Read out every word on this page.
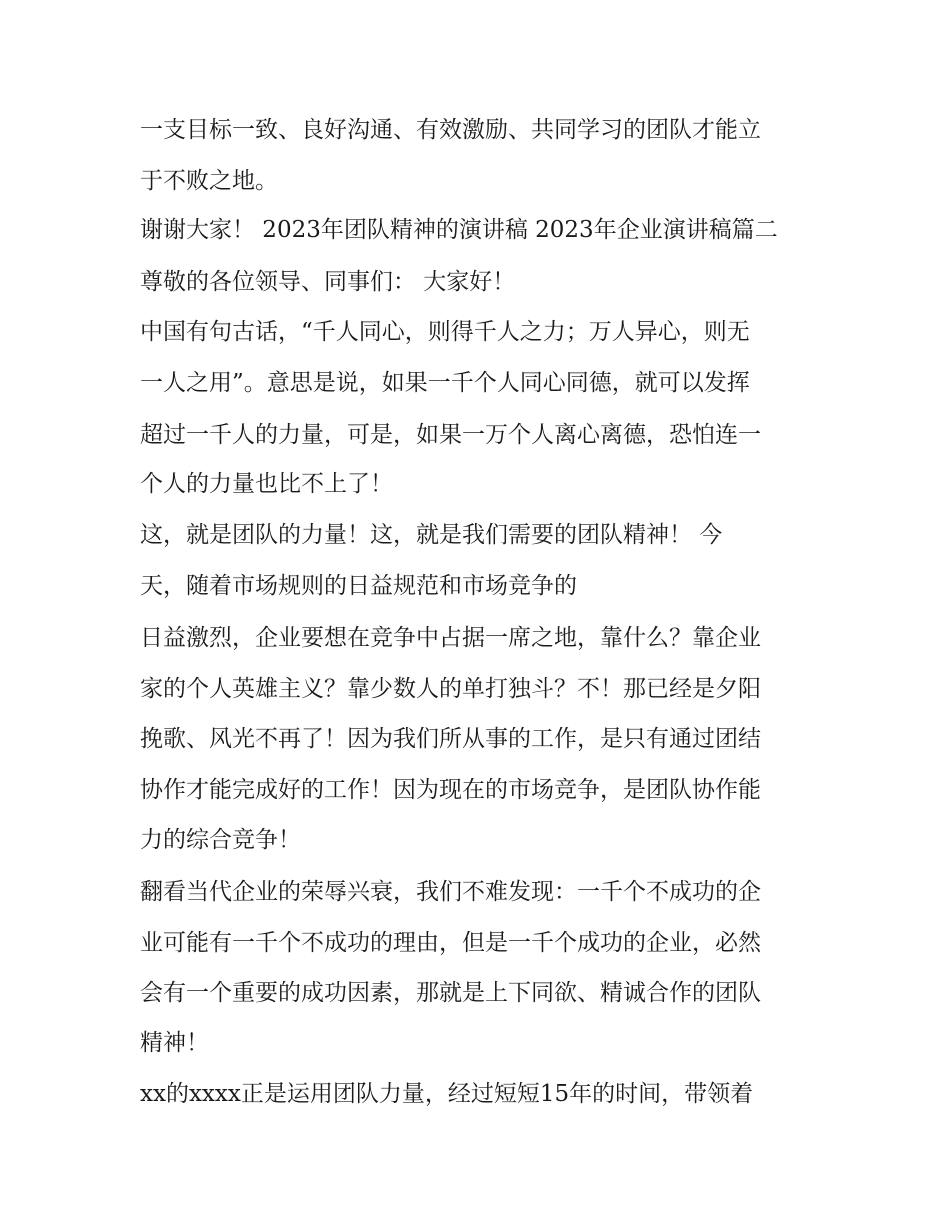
一支目标一致、良好沟通、有效激励、共同学习的团队才能立

于不败之地。

谢谢大家！ 2023年团队精神的演讲稿 2023年企业演讲稿篇二

尊敬的各位领导、同事们： 大家好！

中国有句古话，“千人同心，则得千人之力；万人异心，则无

一人之用”。意思是说，如果一千个人同心同德，就可以发挥

超过一千人的力量，可是，如果一万个人离心离德，恐怕连一

个人的力量也比不上了！

这，就是团队的力量！这，就是我们需要的团队精神！ 今

天，随着市场规则的日益规范和市场竞争的

日益激烈，企业要想在竞争中占据一席之地，靠什么？靠企业

家的个人英雄主义？靠少数人的单打独斗？不！那已经是夕阳

挽歌、风光不再了！因为我们所从事的工作，是只有通过团结

协作才能完成好的工作！因为现在的市场竞争，是团队协作能

力的综合竞争！

翻看当代企业的荣辱兴衰，我们不难发现：一千个不成功的企

业可能有一千个不成功的理由，但是一千个成功的企业，必然

会有一个重要的成功因素，那就是上下同欲、精诚合作的团队

精神！

xx的xxxx正是运用团队力量，经过短短15年的时间，带领着
